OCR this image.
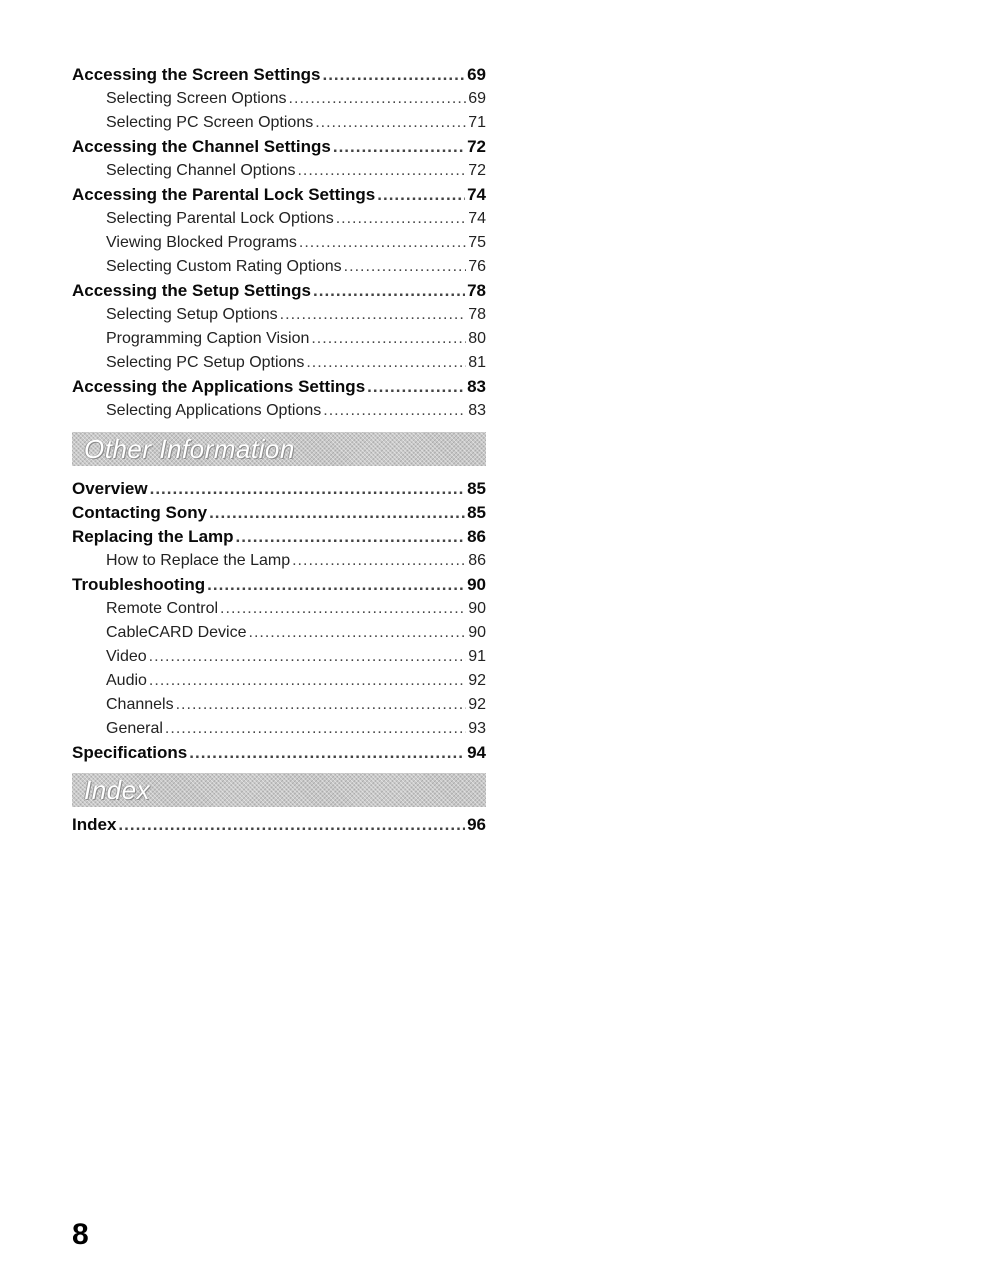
Accessing the Screen Settings .....	69
Selecting Screen Options .....	69
Selecting PC Screen Options .....	71
Accessing the Channel Settings .....	72
Selecting Channel Options .....	72
Accessing the Parental Lock Settings .....	74
Selecting Parental Lock Options .....	74
Viewing Blocked Programs .....	75
Selecting Custom Rating Options .....	76
Accessing the Setup Settings .....	78
Selecting Setup Options .....	78
Programming Caption Vision .....	80
Selecting PC Setup Options .....	81
Accessing the Applications Settings .....	83
Selecting Applications Options .....	83
Other Information
Overview .....	85
Contacting Sony .....	85
Replacing the Lamp .....	86
How to Replace the Lamp .....	86
Troubleshooting .....	90
Remote Control .....	90
CableCARD Device .....	90
Video .....	91
Audio .....	92
Channels .....	92
General .....	93
Specifications .....	94
Index
Index .....	96
8
